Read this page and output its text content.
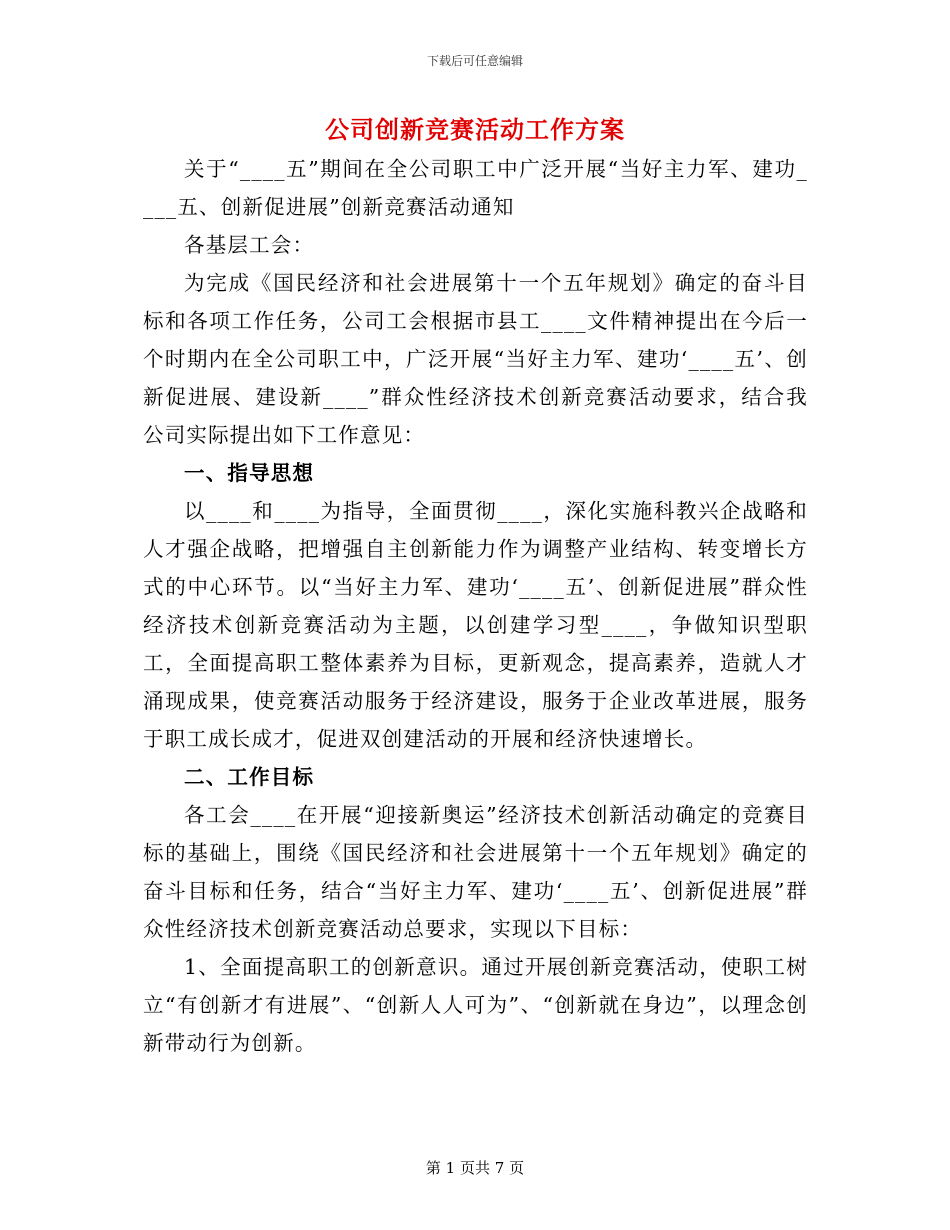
下载后可任意编辑
公司创新竞赛活动工作方案

关于“____五”期间在全公司职工中广泛开展“当好主力军、建功____五、创新促进展”创新竞赛活动通知

各基层工会：

为完成《国民经济和社会进展第十一个五年规划》确定的奋斗目标和各项工作任务，公司工会根据市县工____文件精神提出在今后一个时期内在全公司职工中，广泛开展“当好主力军、建功‘____五’、创新促进展、建设新____”群众性经济技术创新竞赛活动要求，结合我公司实际提出如下工作意见：

一、指导思想

以____和____为指导，全面贯彻____，深化实施科教兴企战略和人才强企战略，把增强自主创新能力作为调整产业结构、转变增长方式的中心环节。以“当好主力军、建功‘____五’、创新促进展”群众性经济技术创新竞赛活动为主题，以创建学习型____，争做知识型职工，全面提高职工整体素养为目标，更新观念，提高素养，造就人才涌现成果，使竞赛活动服务于经济建设，服务于企业改革进展，服务于职工成长成才，促进双创建活动的开展和经济快速增长。

二、工作目标

各工会____在开展“迎接新奥运”经济技术创新活动确定的竞赛目标的基础上，围绕《国民经济和社会进展第十一个五年规划》确定的奋斗目标和任务，结合“当好主力军、建功‘____五’、创新促进展”群众性经济技术创新竞赛活动总要求，实现以下目标：

1、全面提高职工的创新意识。通过开展创新竞赛活动，使职工树立“有创新才有进展”、“创新人人可为”、“创新就在身边”，以理念创新带动行为创新。

第 1 页共 7 页
